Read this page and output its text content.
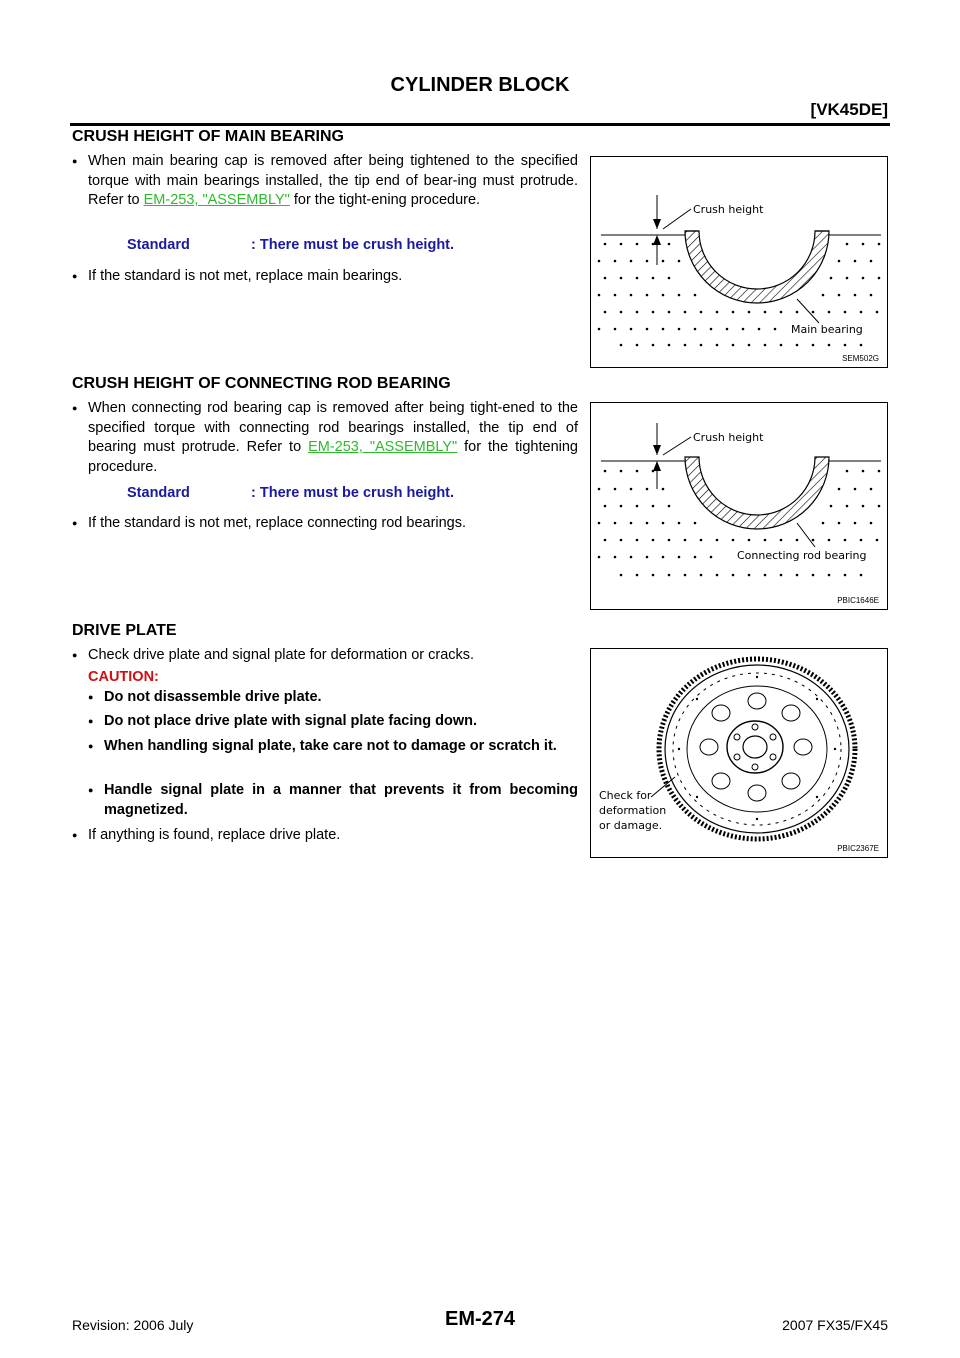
CYLINDER BLOCK
[VK45DE]
CRUSH HEIGHT OF MAIN BEARING
● When main bearing cap is removed after being tightened to the specified torque with main bearings installed, the tip end of bear-ing must protrude. Refer to EM-253, "ASSEMBLY" for the tight-ening procedure.
Standard	: There must be crush height.
● If the standard is not met, replace main bearings.
Crush height
Main bearing
SEM502G
CRUSH HEIGHT OF CONNECTING ROD BEARING
● When connecting rod bearing cap is removed after being tight-ened to the specified torque with connecting rod bearings installed, the tip end of bearing must protrude. Refer to EM-253, "ASSEMBLY" for the tightening procedure.
Standard	: There must be crush height.
● If the standard is not met, replace connecting rod bearings.
Crush height
Connecting rod bearing
PBIC1646E
DRIVE PLATE
● Check drive plate and signal plate for deformation or cracks.
CAUTION:
● Do not disassemble drive plate.
● Do not place drive plate with signal plate facing down.
● When handling signal plate, take care not to damage or scratch it.
● Handle signal plate in a manner that prevents it from becoming magnetized.
● If anything is found, replace drive plate.
Check for
deformation
or damage.
PBIC2367E
Revision: 2006 July	EM-274	2007 FX35/FX45
